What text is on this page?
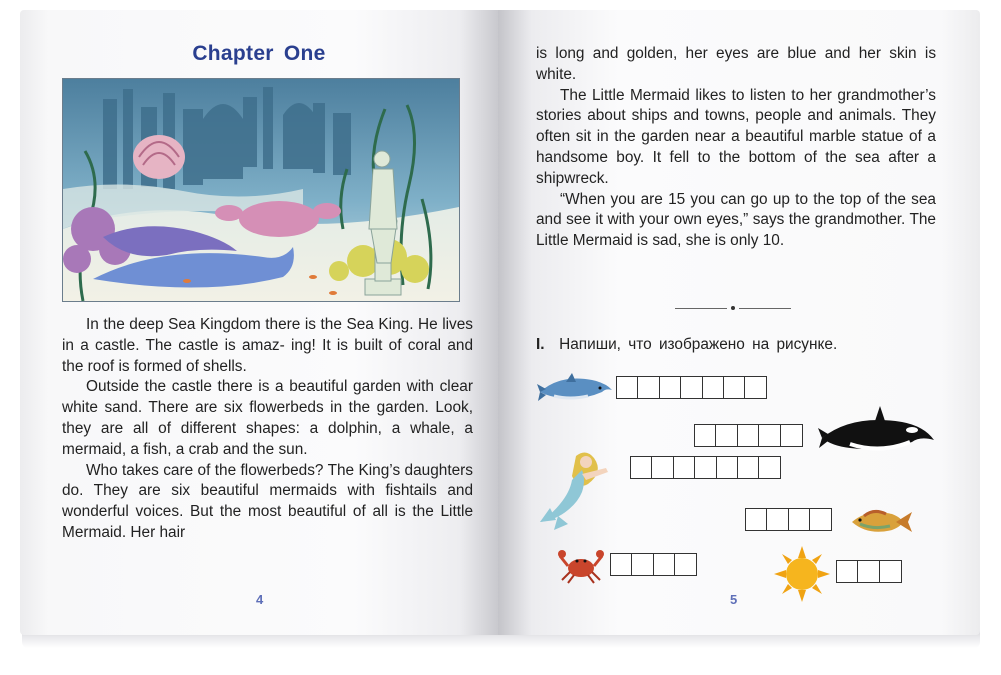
Chapter One

In the deep Sea Kingdom there is the Sea King. He lives in a castle. The castle is amaz- ing! It is built of coral and the roof is formed of shells.

Outside the castle there is a beautiful garden with clear white sand. There are six flowerbeds in the garden. Look, they are all of different shapes: a dolphin, a whale, a mermaid, a fish, a crab and the sun.

Who takes care of the flowerbeds? The King’s daughters do. They are six beautiful mermaids with fishtails and wonderful voices. But the most beautiful of all is the Little Mermaid. Her hair

4

is long and golden, her eyes are blue and her skin is white.

The Little Mermaid likes to listen to her grandmother’s stories about ships and towns, people and animals. They often sit in the garden near a beautiful marble statue of a handsome boy. It fell to the bottom of the sea after a shipwreck.

“When you are 15 you can go up to the top of the sea and see it with your own eyes,” says the grandmother. The Little Mermaid is sad, she is only 10.

I. Напиши, что изображено на рисунке.
5
